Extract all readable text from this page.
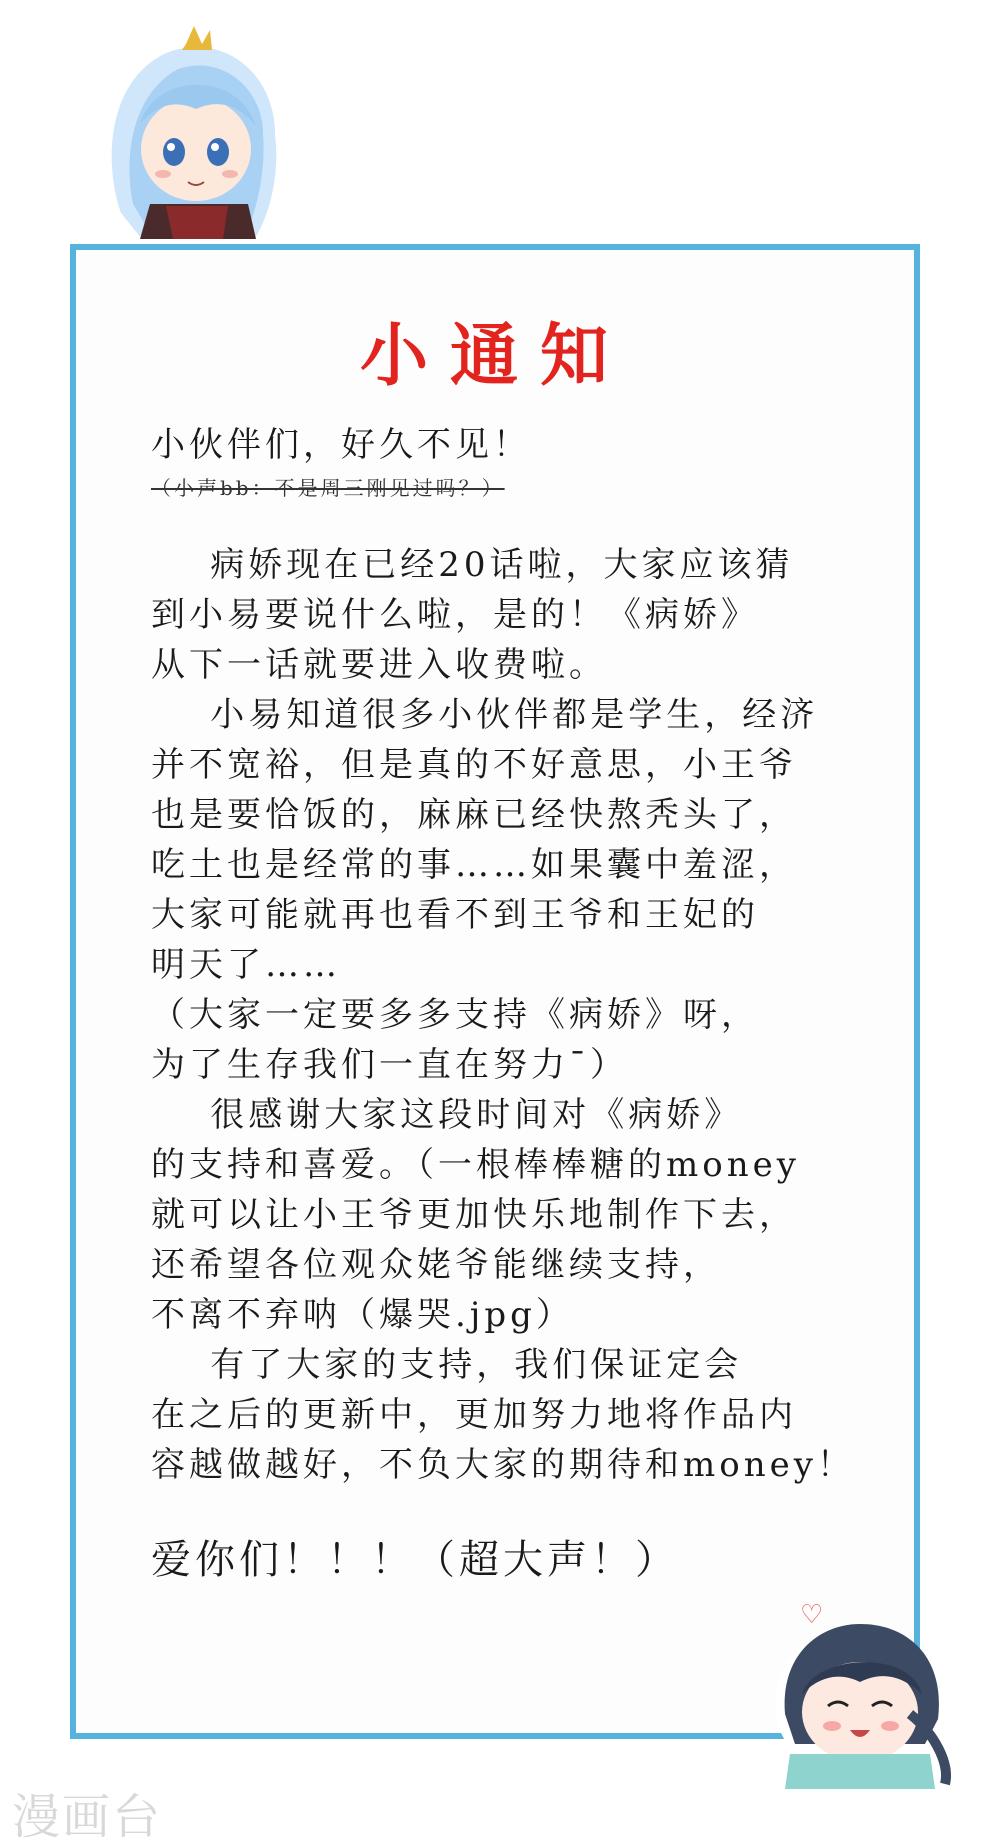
小通知
小伙伴们，好久不见！
（小声bb：不是周三刚见过吗？）
病娇现在已经20话啦，大家应该猜
到小易要说什么啦，是的！《病娇》
从下一话就要进入收费啦。
小易知道很多小伙伴都是学生，经济
并不宽裕，但是真的不好意思，小王爷
也是要恰饭的，麻麻已经快熬秃头了，
吃土也是经常的事……如果囊中羞涩，
大家可能就再也看不到王爷和王妃的
明天了……
（大家一定要多多支持《病娇》呀，
为了生存我们一直在努力¯）
很感谢大家这段时间对《病娇》
的支持和喜爱。（一根棒棒糖的money
就可以让小王爷更加快乐地制作下去，
还希望各位观众姥爷能继续支持，
不离不弃呐（爆哭.jpg）
有了大家的支持，我们保证定会
在之后的更新中，更加努力地将作品内
容越做越好，不负大家的期待和money！
爱你们！！！（超大声！）
♡
漫画台
